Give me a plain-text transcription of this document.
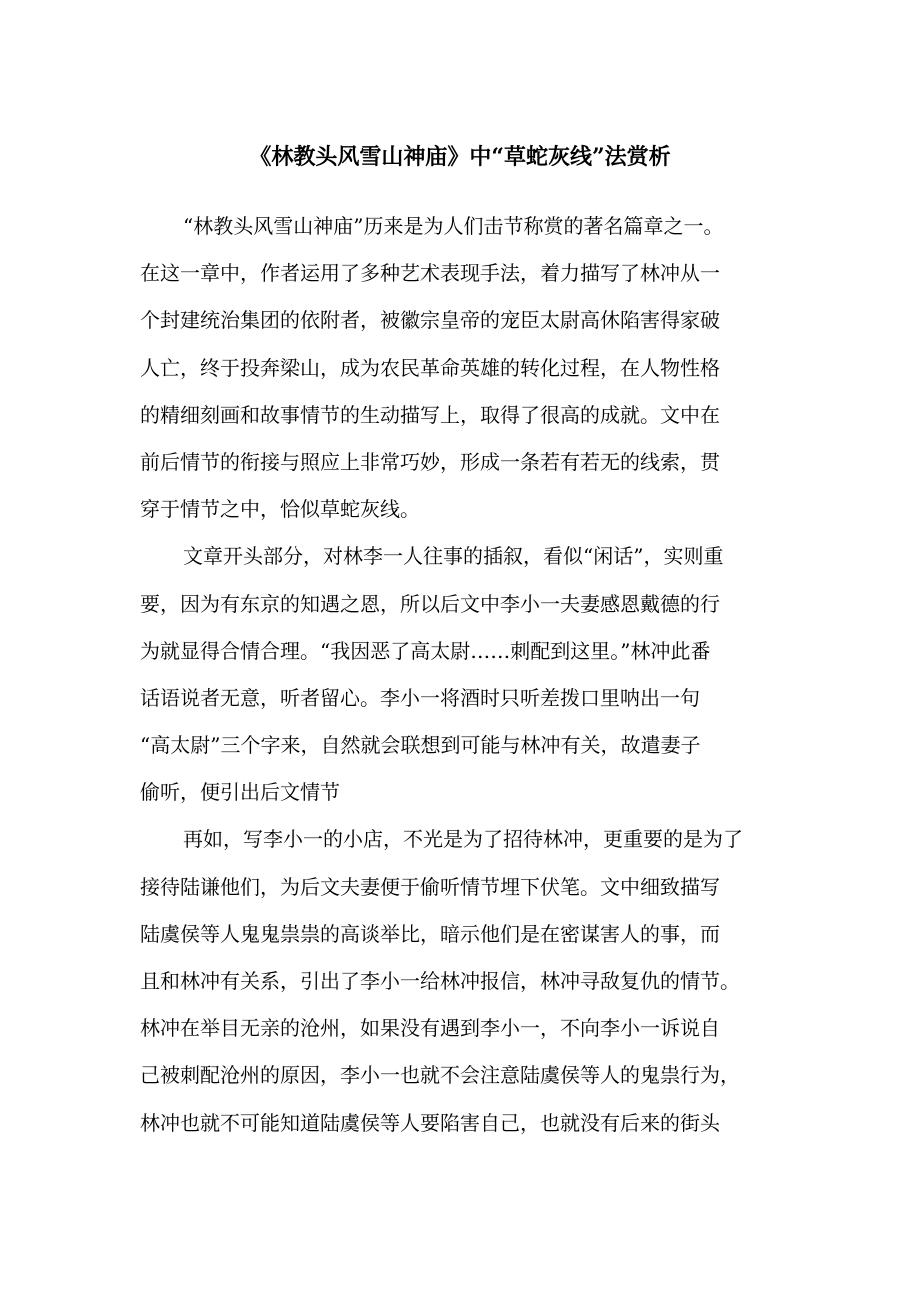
《林教头风雪山神庙》中“草蛇灰线”法赏析
“林教头风雪山神庙”历来是为人们击节称赏的著名篇章之一。
在这一章中，作者运用了多种艺术表现手法，着力描写了林冲从一
个封建统治集团的依附者，被徽宗皇帝的宠臣太尉高休陷害得家破
人亡，终于投奔梁山，成为农民革命英雄的转化过程，在人物性格
的精细刻画和故事情节的生动描写上，取得了很高的成就。文中在
前后情节的衔接与照应上非常巧妙，形成一条若有若无的线索，贯
穿于情节之中，恰似草蛇灰线。
文章开头部分，对林李一人往事的插叙，看似“闲话”，实则重
要，因为有东京的知遇之恩，所以后文中李小一夫妻感恩戴德的行
为就显得合情合理。“我因恶了高太尉……刺配到这里。”林冲此番
话语说者无意，听者留心。李小一将酒时只听差拨口里呐出一句
“高太尉”三个字来，自然就会联想到可能与林冲有关，故遣妻子
偷听，便引出后文情节
再如，写李小一的小店，不光是为了招待林冲，更重要的是为了
接待陆谦他们，为后文夫妻便于偷听情节埋下伏笔。文中细致描写
陆虞侯等人鬼鬼祟祟的高谈举比，暗示他们是在密谋害人的事，而
且和林冲有关系，引出了李小一给林冲报信，林冲寻敌复仇的情节。
林冲在举目无亲的沧州，如果没有遇到李小一，不向李小一诉说自
己被刺配沧州的原因，李小一也就不会注意陆虞侯等人的鬼祟行为，
林冲也就不可能知道陆虞侯等人要陷害自己，也就没有后来的街头
